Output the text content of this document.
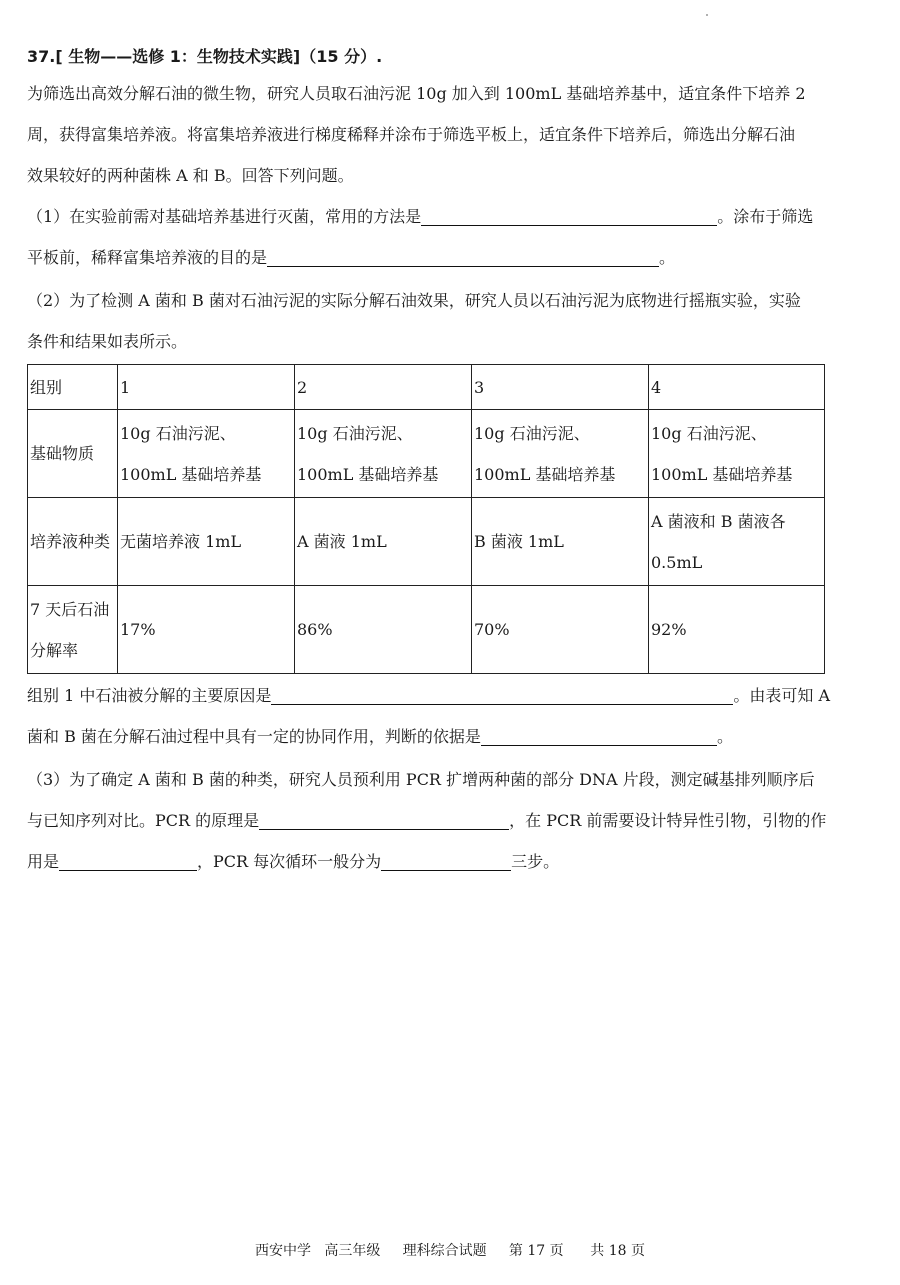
37.[ 生物——选修 1：生物技术实践]（15 分）.
为筛选出高效分解石油的微生物，研究人员取石油污泥 10g 加入到 100mL 基础培养基中，适宜条件下培养 2
周，获得富集培养液。将富集培养液进行梯度稀释并涂布于筛选平板上，适宜条件下培养后，筛选出分解石油
效果较好的两种菌株 A 和 B。回答下列问题。
（1）在实验前需对基础培养基进行灭菌，常用的方法是	。涂布于筛选
平板前，稀释富集培养液的目的是	。
（2）为了检测 A 菌和 B 菌对石油污泥的实际分解石油效果，研究人员以石油污泥为底物进行摇瓶实验，实验
条件和结果如表所示。
组别	1	2	3	4
基础物质	10g 石油污泥、100mL 基础培养基	10g 石油污泥、100mL 基础培养基	10g 石油污泥、100mL 基础培养基	10g 石油污泥、100mL 基础培养基
培养液种类	无菌培养液 1mL	A 菌液 1mL	B 菌液 1mL	A 菌液和 B 菌液各 0.5mL
7 天后石油分解率	17%	86%	70%	92%
组别 1 中石油被分解的主要原因是	。由表可知 A
菌和 B 菌在分解石油过程中具有一定的协同作用，判断的依据是	。
（3）为了确定 A 菌和 B 菌的种类，研究人员预利用 PCR 扩增两种菌的部分 DNA 片段，测定碱基排列顺序后
与已知序列对比。PCR 的原理是	，在 PCR 前需要设计特异性引物，引物的作
用是	，PCR 每次循环一般分为	三步。
西安中学 高三年级 理科综合试题 第 17 页 共 18 页
